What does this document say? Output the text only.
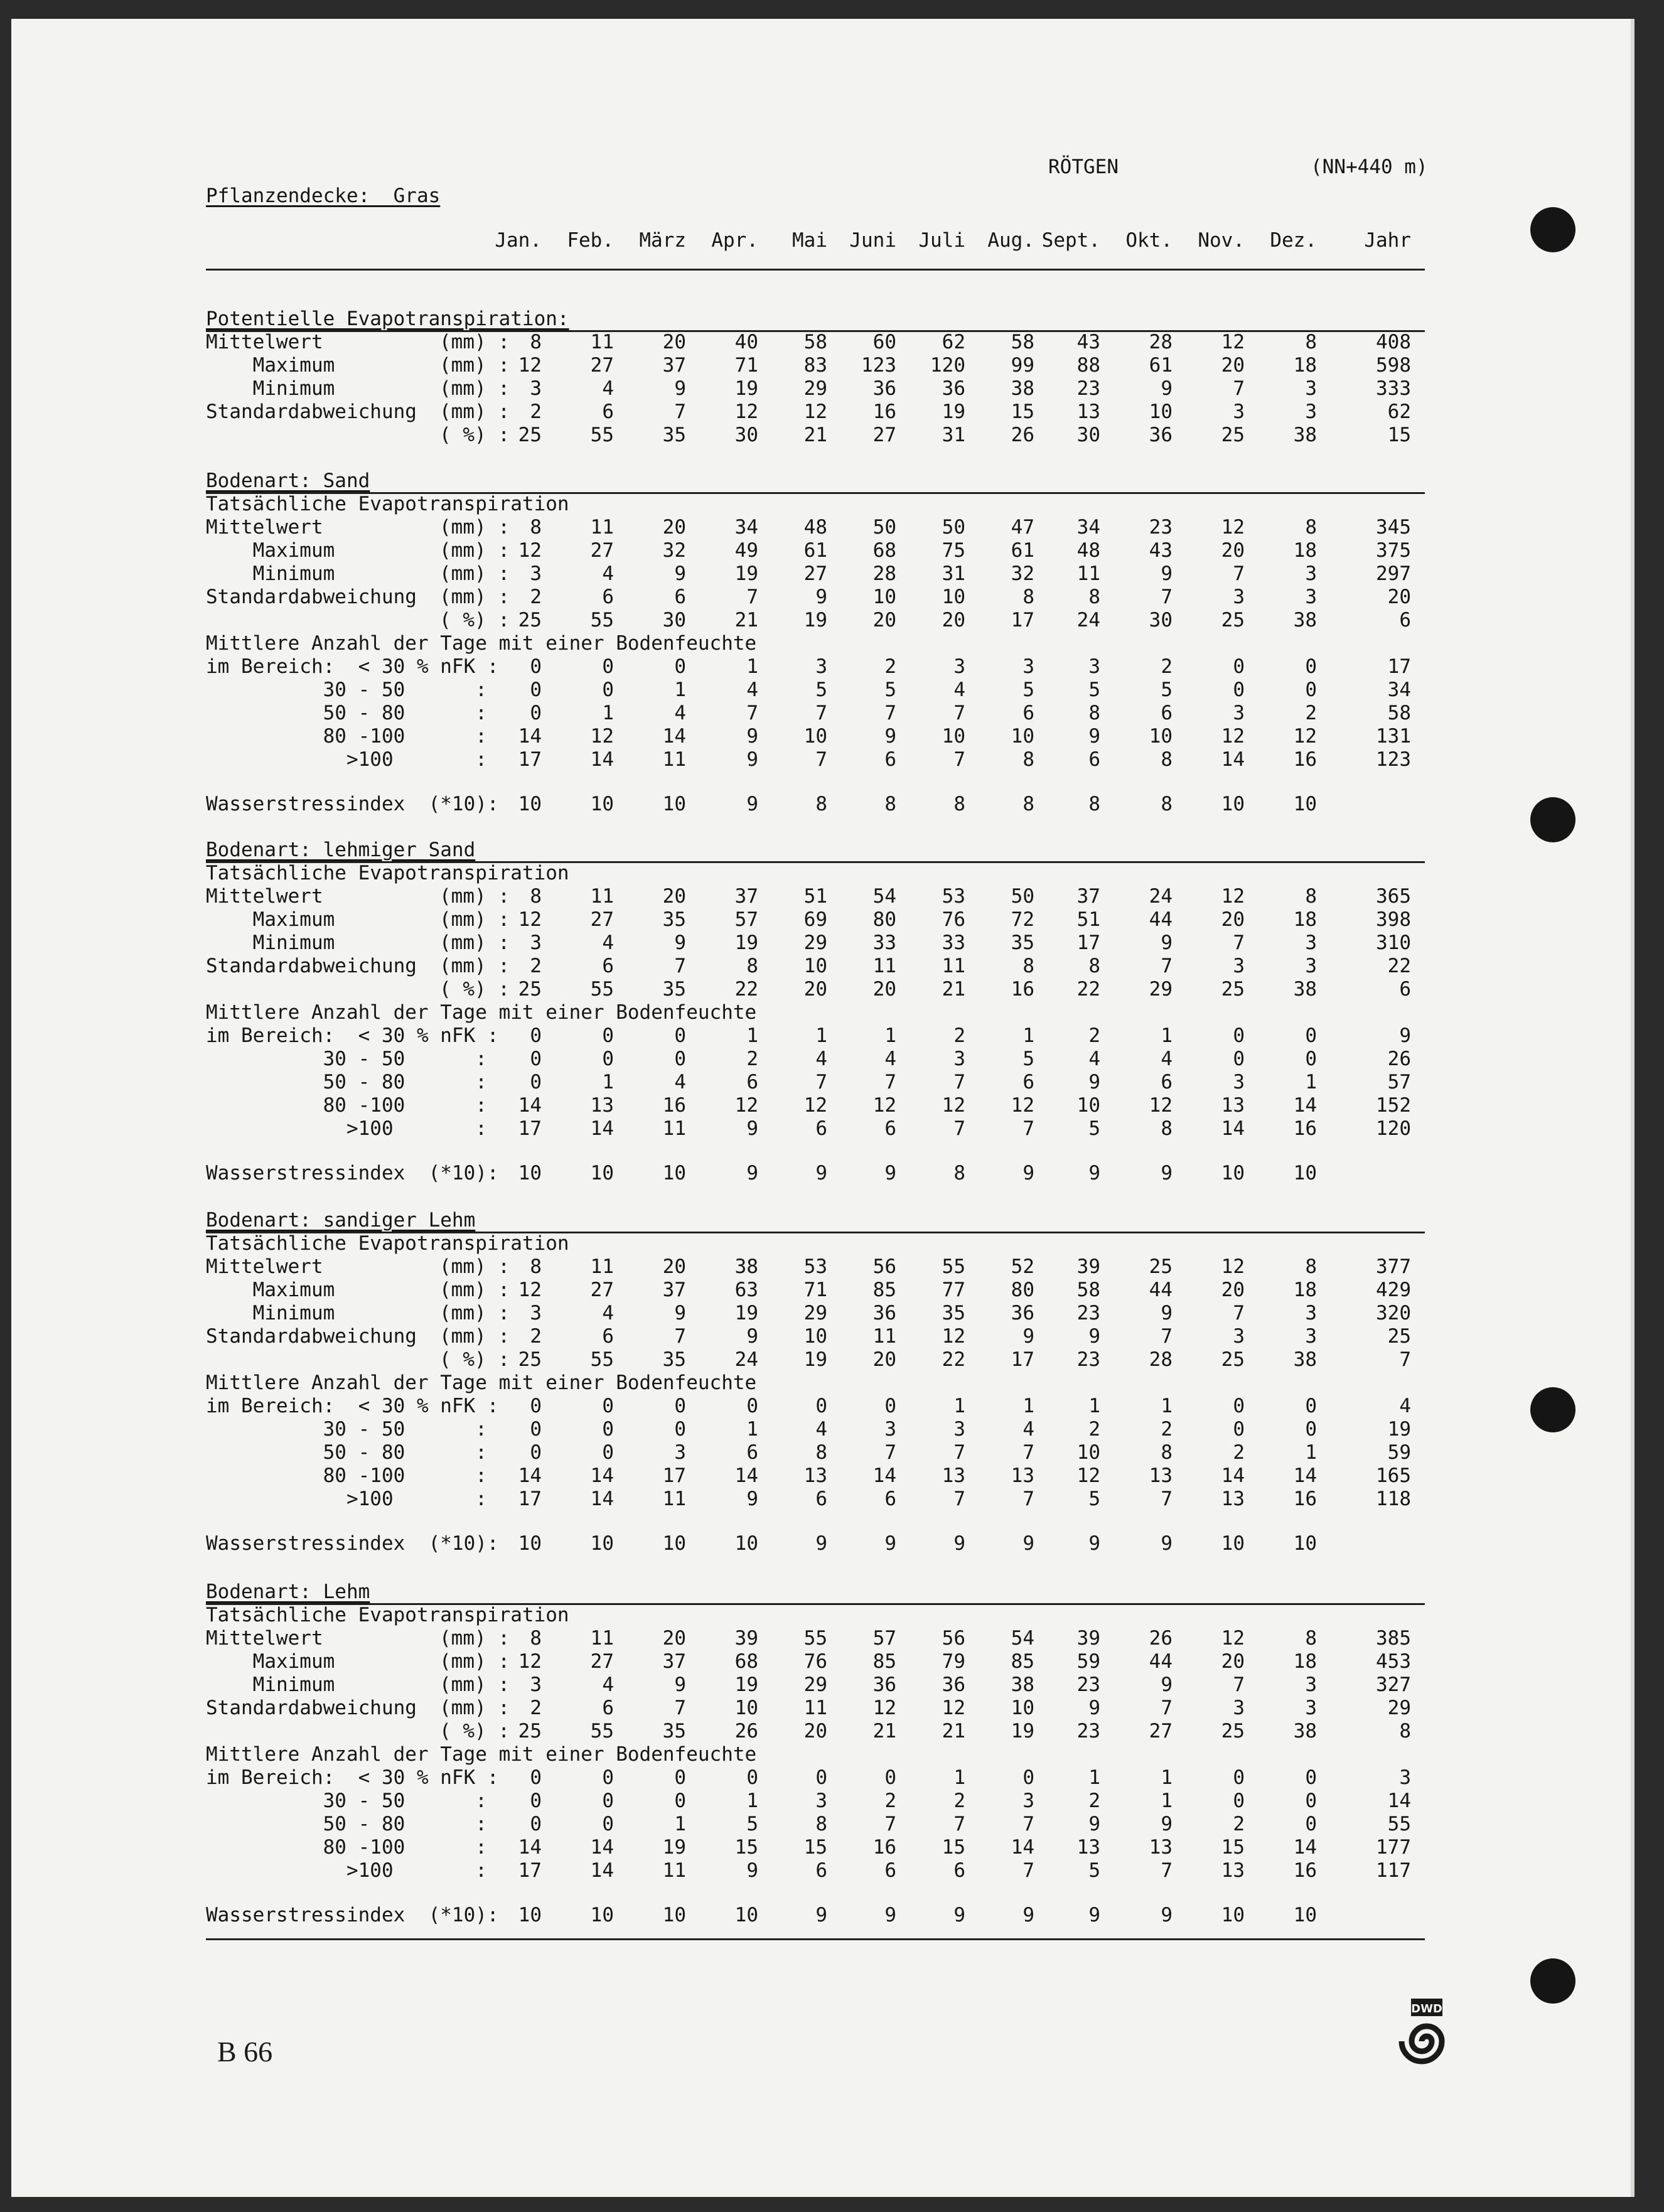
RÖTGEN	(NN+440 m)
Pflanzendecke:  Gras
B 66
DWD
Jan.	Feb.	März	Apr.	Mai	Juni	Juli	Aug. Sept.	Okt.	Nov.	Dez.	Jahr
Potentielle Evapotranspiration:
Mittelwert	(mm) :	8	11	20	40	58	60	62	58	43	28	12	8	408
Maximum	(mm) : 12	27	37	71	83	123	120	99	88	61	20	18	598
Minimum	(mm) :	3	4	9	19	29	36	36	38	23	9	7	3	333
Standardabweichung (mm) :	2	6	7	12	12	16	19	15	13	10	3	3	62
( %) : 25	55	35	30	21	27	31	26	30	36	25	38	15
Bodenart: Sand
Tatsächliche Evapotranspiration
Mittelwert	(mm) :	8	11	20	34	48	50	50	47	34	23	12	8	345
Maximum	(mm) : 12	27	32	49	61	68	75	61	48	43	20	18	375
Minimum	(mm) :	3	4	9	19	27	28	31	32	11	9	7	3	297
Standardabweichung (mm) :	2	6	6	7	9	10	10	8	8	7	3	3	20
( %) : 25	55	30	21	19	20	20	17	24	30	25	38	6
Mittlere Anzahl der Tage mit einer Bodenfeuchte
im Bereich:  < 30 % nFK :	0	0	0	1	3	2	3	3	3	2	0	0	17
30 - 50      :	0	0	1	4	5	5	4	5	5	5	0	0	34
50 - 80      :	0	1	4	7	7	7	7	6	8	6	3	2	58
80 -100      :	14	12	14	9	10	9	10	10	9	10	12	12	131
>100       :	17	14	11	9	7	6	7	8	6	8	14	16	123
Wasserstressindex  (*10):	10	10	10	9	8	8	8	8	8	8	10	10
Bodenart: lehmiger Sand
Tatsächliche Evapotranspiration
Mittelwert	(mm) :	8	11	20	37	51	54	53	50	37	24	12	8	365
Maximum	(mm) : 12	27	35	57	69	80	76	72	51	44	20	18	398
Minimum	(mm) :	3	4	9	19	29	33	33	35	17	9	7	3	310
Standardabweichung (mm) :	2	6	7	8	10	11	11	8	8	7	3	3	22
( %) : 25	55	35	22	20	20	21	16	22	29	25	38	6
Mittlere Anzahl der Tage mit einer Bodenfeuchte
im Bereich:  < 30 % nFK :	0	0	0	1	1	1	2	1	2	1	0	0	9
30 - 50      :	0	0	0	2	4	4	3	5	4	4	0	0	26
50 - 80      :	0	1	4	6	7	7	7	6	9	6	3	1	57
80 -100      :	14	13	16	12	12	12	12	12	10	12	13	14	152
>100       :	17	14	11	9	6	6	7	7	5	8	14	16	120
Wasserstressindex  (*10):	10	10	10	9	9	9	8	9	9	9	10	10
Bodenart: sandiger Lehm
Tatsächliche Evapotranspiration
Mittelwert	(mm) :	8	11	20	38	53	56	55	52	39	25	12	8	377
Maximum	(mm) : 12	27	37	63	71	85	77	80	58	44	20	18	429
Minimum	(mm) :	3	4	9	19	29	36	35	36	23	9	7	3	320
Standardabweichung (mm) :	2	6	7	9	10	11	12	9	9	7	3	3	25
( %) : 25	55	35	24	19	20	22	17	23	28	25	38	7
Mittlere Anzahl der Tage mit einer Bodenfeuchte
im Bereich:  < 30 % nFK :	0	0	0	0	0	0	1	1	1	1	0	0	4
30 - 50      :	0	0	0	1	4	3	3	4	2	2	0	0	19
50 - 80      :	0	0	3	6	8	7	7	7	10	8	2	1	59
80 -100      :	14	14	17	14	13	14	13	13	12	13	14	14	165
>100       :	17	14	11	9	6	6	7	7	5	7	13	16	118
Wasserstressindex  (*10):	10	10	10	10	9	9	9	9	9	9	10	10
Bodenart: Lehm
Tatsächliche Evapotranspiration
Mittelwert	(mm) :	8	11	20	39	55	57	56	54	39	26	12	8	385
Maximum	(mm) : 12	27	37	68	76	85	79	85	59	44	20	18	453
Minimum	(mm) :	3	4	9	19	29	36	36	38	23	9	7	3	327
Standardabweichung (mm) :	2	6	7	10	11	12	12	10	9	7	3	3	29
( %) : 25	55	35	26	20	21	21	19	23	27	25	38	8
Mittlere Anzahl der Tage mit einer Bodenfeuchte
im Bereich:  < 30 % nFK :	0	0	0	0	0	0	1	0	1	1	0	0	3
30 - 50      :	0	0	0	1	3	2	2	3	2	1	0	0	14
50 - 80      :	0	0	1	5	8	7	7	7	9	9	2	0	55
80 -100      :	14	14	19	15	15	16	15	14	13	13	15	14	177
>100       :	17	14	11	9	6	6	6	7	5	7	13	16	117
Wasserstressindex  (*10):	10	10	10	10	9	9	9	9	9	9	10	10
